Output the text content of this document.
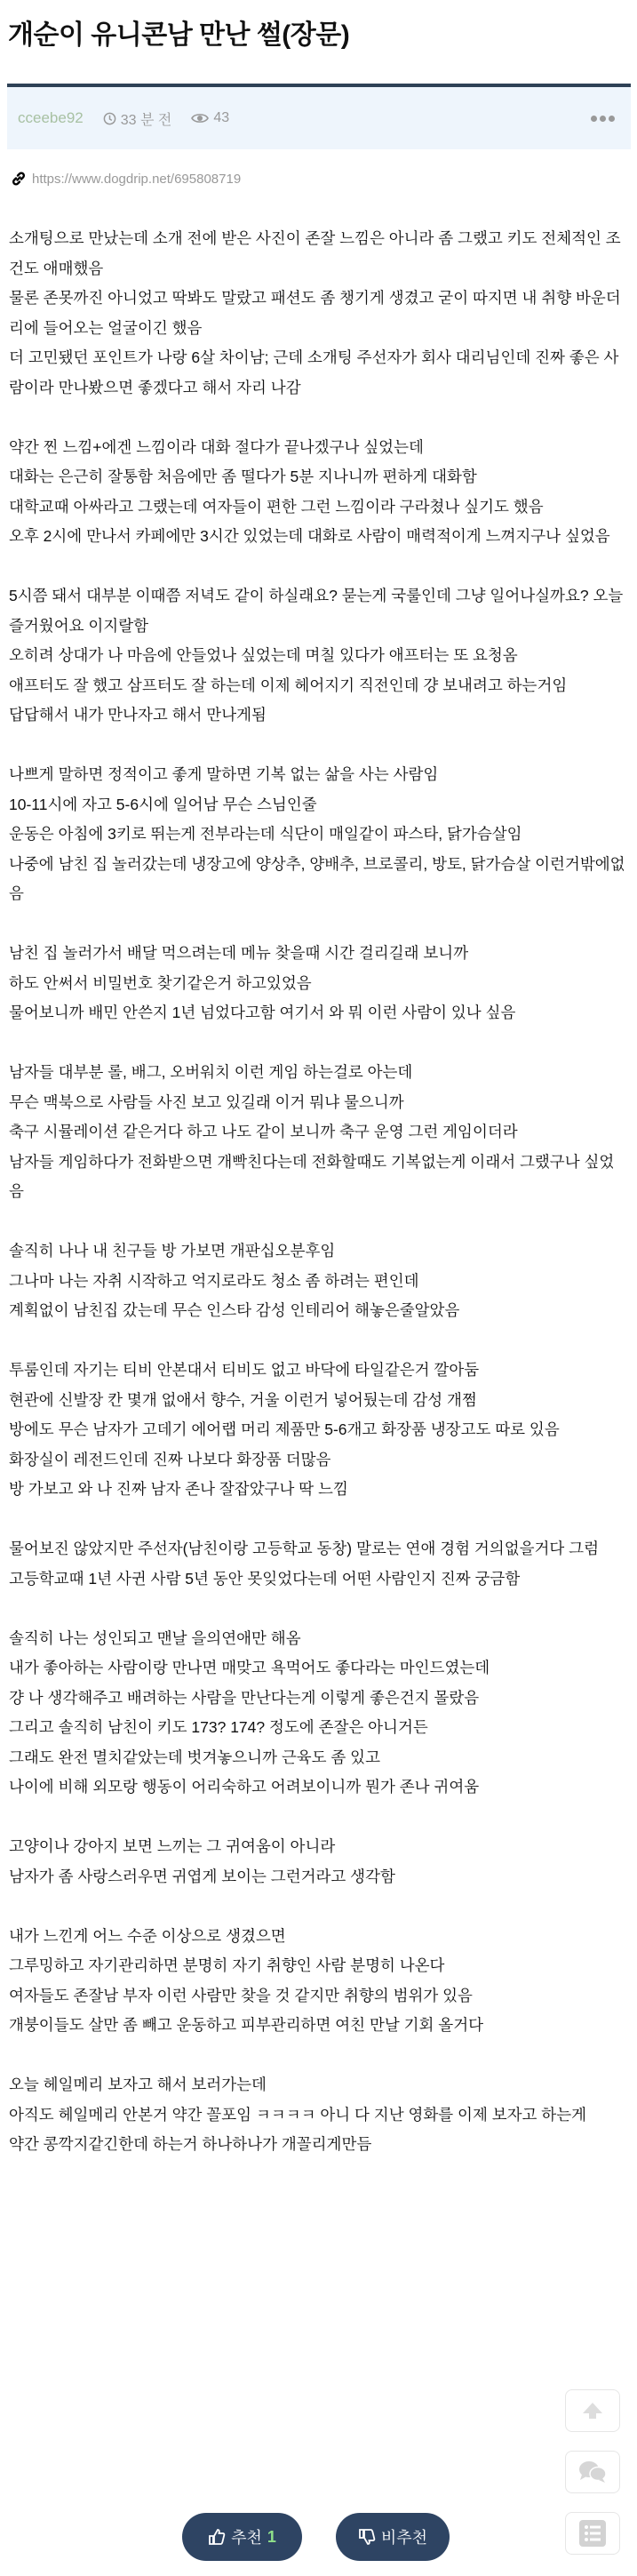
개순이 유니콘남 만난 썰(장문)
cceebe92	33 분 전	43
https://www.dogdrip.net/695808719
소개팅으로 만났는데 소개 전에 받은 사진이 존잘 느낌은 아니라 좀 그랬고 키도 전체적인 조건도 애매했음
물론 존못까진 아니었고 딱봐도 말랐고 패션도 좀 챙기게 생겼고 굳이 따지면 내 취향 바운더리에 들어오는 얼굴이긴 했음
더 고민됐던 포인트가 나랑 6살 차이남; 근데 소개팅 주선자가 회사 대리님인데 진짜 좋은 사람이라 만나봤으면 좋겠다고 해서 자리 나감
약간 찐 느낌+에겐 느낌이라 대화 절다가 끝나겠구나 싶었는데
대화는 은근히 잘통함 처음에만 좀 떨다가 5분 지나니까 편하게 대화함
대학교때 아싸라고 그랬는데 여자들이 편한 그런 느낌이라 구라쳤나 싶기도 했음
오후 2시에 만나서 카페에만 3시간 있었는데 대화로 사람이 매력적이게 느껴지구나 싶었음
5시쯤 돼서 대부분 이때쯤 저녁도 같이 하실래요? 묻는게 국룰인데 그냥 일어나실까요? 오늘 즐거웠어요 이지랄함
오히려 상대가 나 마음에 안들었나 싶었는데 며칠 있다가 애프터는 또 요청옴
애프터도 잘 했고 삼프터도 잘 하는데 이제 헤어지기 직전인데 걍 보내려고 하는거임
답답해서 내가 만나자고 해서 만나게됨
나쁘게 말하면 정적이고 좋게 말하면 기복 없는 삶을 사는 사람임
10-11시에 자고 5-6시에 일어남 무슨 스님인줄
운동은 아침에 3키로 뛰는게 전부라는데 식단이 매일같이 파스타, 닭가슴살임
나중에 남친 집 놀러갔는데 냉장고에 양상추, 양배추, 브로콜리, 방토, 닭가슴살 이런거밖에없음
남친 집 놀러가서 배달 먹으려는데 메뉴 찾을때 시간 걸리길래 보니까
하도 안써서 비밀번호 찾기같은거 하고있었음
물어보니까 배민 안쓴지 1년 넘었다고함 여기서 와 뭐 이런 사람이 있나 싶음
남자들 대부분 롤, 배그, 오버워치 이런 게임 하는걸로 아는데
무슨 맥북으로 사람들 사진 보고 있길래 이거 뭐냐 물으니까
축구 시뮬레이션 같은거다 하고 나도 같이 보니까 축구 운영 그런 게임이더라
남자들 게임하다가 전화받으면 개빡친다는데 전화할때도 기복없는게 이래서 그랬구나 싶었음
솔직히 나나 내 친구들 방 가보면 개판십오분후임
그나마 나는 자취 시작하고 억지로라도 청소 좀 하려는 편인데
계획없이 남친집 갔는데 무슨 인스타 감성 인테리어 해놓은줄알았음
투룸인데 자기는 티비 안본대서 티비도 없고 바닥에 타일같은거 깔아둠
현관에 신발장 칸 몇개 없애서 향수, 거울 이런거 넣어뒀는데 감성 개쩜
방에도 무슨 남자가 고데기 에어랩 머리 제품만 5-6개고 화장품 냉장고도 따로 있음
화장실이 레전드인데 진짜 나보다 화장품 더많음
방 가보고 와 나 진짜 남자 존나 잘잡았구나 딱 느낌
물어보진 않았지만 주선자(남친이랑 고등학교 동창) 말로는 연애 경험 거의없을거다 그럼
고등학교때 1년 사귄 사람 5년 동안 못잊었다는데 어떤 사람인지 진짜 궁금함
솔직히 나는 성인되고 맨날 을의연애만 해옴
내가 좋아하는 사람이랑 만나면 매맞고 욕먹어도 좋다라는 마인드였는데
걍 나 생각해주고 배려하는 사람을 만난다는게 이렇게 좋은건지 몰랐음
그리고 솔직히 남친이 키도 173? 174? 정도에 존잘은 아니거든
그래도 완전 멸치같았는데 벗겨놓으니까 근육도 좀 있고
나이에 비해 외모랑 행동이 어리숙하고 어려보이니까 뭔가 존나 귀여움
고양이나 강아지 보면 느끼는 그 귀여움이 아니라
남자가 좀 사랑스러우면 귀엽게 보이는 그런거라고 생각함
내가 느낀게 어느 수준 이상으로 생겼으면
그루밍하고 자기관리하면 분명히 자기 취향인 사람 분명히 나온다
여자들도 존잘남 부자 이런 사람만 찾을 것 같지만 취향의 범위가 있음
개붕이들도 살만 좀 빼고 운동하고 피부관리하면 여친 만날 기회 올거다
오늘 헤일메리 보자고 해서 보러가는데
아직도 헤일메리 안본거 약간 꼴포임 ㅋㅋㅋㅋ 아니 다 지난 영화를 이제 보자고 하는게
약간 콩깍지같긴한데 하는거 하나하나가 개꼴리게만듬
추천 1	비추천
